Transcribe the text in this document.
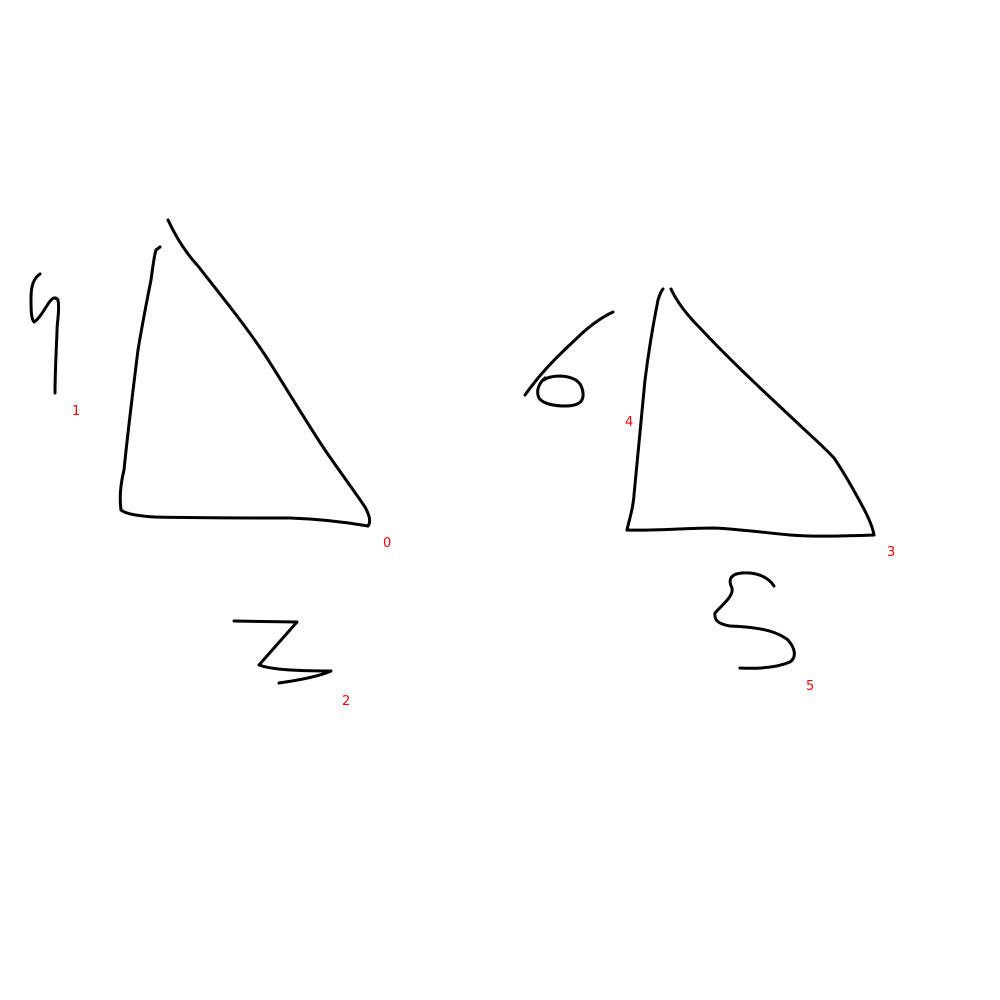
0
1
2
3
4
5
